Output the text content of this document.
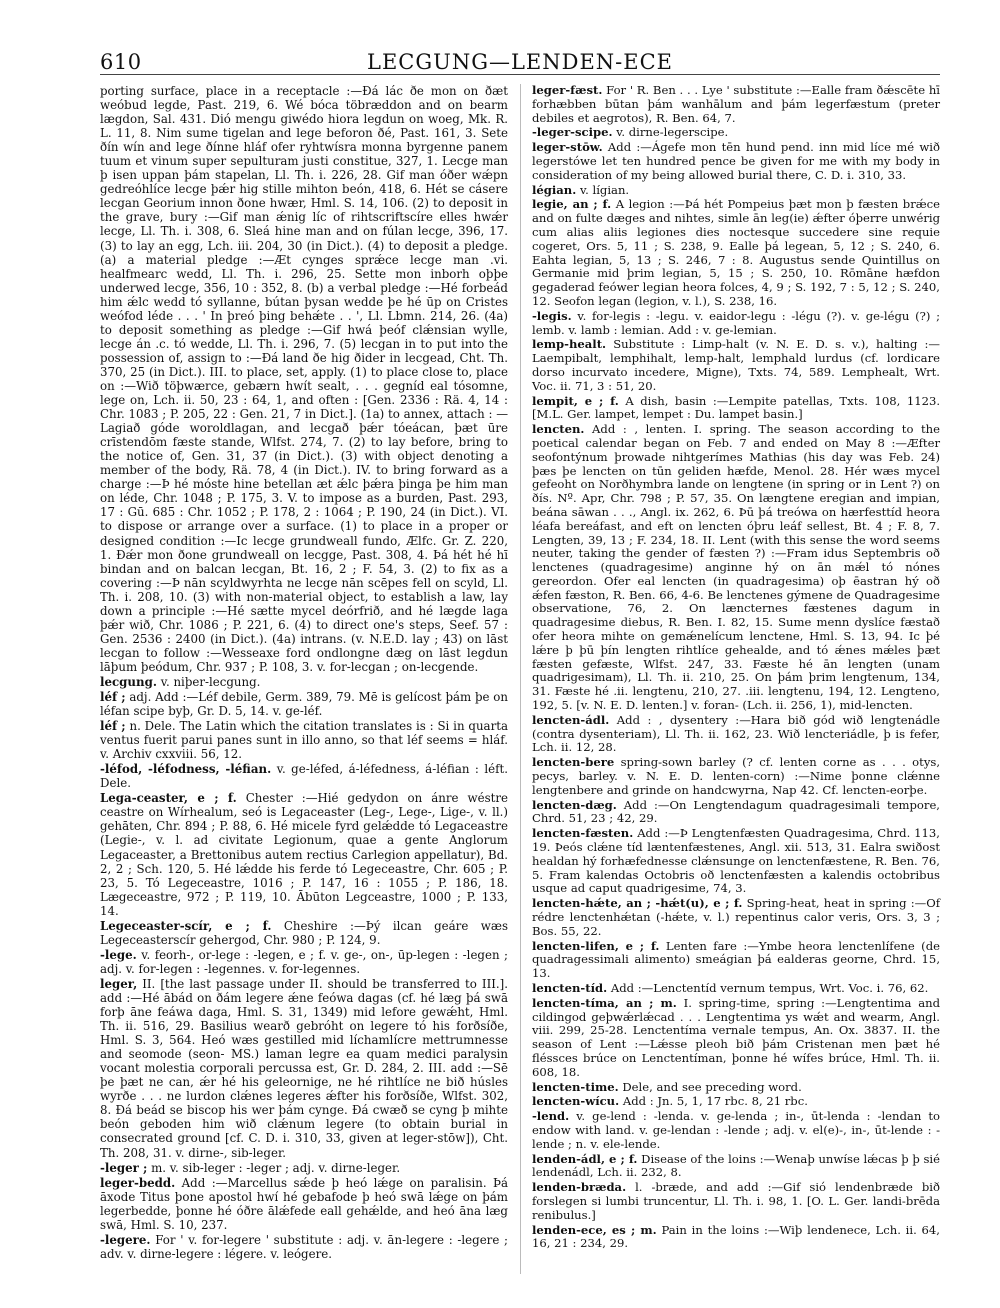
610	LECGUNG—LENDEN-ECE

porting surface, place in a receptacle :—Ðá lác ðe mon on ðæt weóbud legde, Past. 219, 6. Wé bóca töbræddon and on bearm lægdon, Sal. 431. Dió mengu giwédo hiora legdun on woeg, Mk. R. L. 11, 8. Nim sume tigelan and lege beforon ðé, Past. 161, 3. Sete ðín wín and lege ðínne hláf ofer ryhtwísra monna byrgenne panem tuum et vinum super sepulturam justi constitue, 327, 1. Lecge man þ isen uppan þám stapelan, Ll. Th. i. 226, 28. Gif man óðer wǽpn gedreóhlíce lecge þǽr hig stille mihton beón, 418, 6. Hét se cásere lecgan Georium innon ðone hwær, Hml. S. 14, 106. (2) to deposit in the grave, bury :—Gif man ǽnig líc of rihtscriftscíre elles hwǽr lecge, Ll. Th. i. 308, 6. Sleá hine man and on fúlan lecge, 396, 17. (3) to lay an egg, Lch. iii. 204, 30 (in Dict.). (4) to deposit a pledge. (a) a material pledge :—Æt cynges sprǽce lecge man .vi. healfmearc wedd, Ll. Th. i. 296, 25. Sette mon inborh oþþe underwed lecge, 356, 10 : 352, 8. (b) a verbal pledge :—Hé forbeád him ǽlc wedd tó syllanne, bútan þysan wedde þe hé ūp on Cristes weófod léde . . . ' In þreó þing behǽte . . ', Ll. Lbmn. 214, 26. (4a) to deposit something as pledge :—Gif hwá þeóf clǽnsian wylle, lecge án .c. tó wedde, Ll. Th. i. 296, 7. (5) lecgan in to put into the possession of, assign to :—Ðá land ðe hig ðider in lecgead, Cht. Th. 370, 25 (in Dict.). III. to place, set, apply. (1) to place close to, place on :—Wið töþwærce, gebærn hwít sealt, . . . gegníd eal tósomne, lege on, Lch. ii. 50, 23 : 64, 1, and often : [Gen. 2336 : Rä. 4, 14 : Chr. 1083 ; P. 205, 22 : Gen. 21, 7 in Dict.]. (1a) to annex, attach : —Lagiað góde woroldlagan, and lecgað þǽr tóeácan, þæt ūre crīstendōm fæste stande, Wlfst. 274, 7. (2) to lay before, bring to the notice of, Gen. 31, 37 (in Dict.). (3) with object denoting a member of the body, Rä. 78, 4 (in Dict.). IV. to bring forward as a charge :—Þ hé móste hine betellan æt ǽlc þǽra þinga þe him man on léde, Chr. 1048 ; P. 175, 3. V. to impose as a burden, Past. 293, 17 : Gū. 685 : Chr. 1052 ; P. 178, 2 : 1064 ; P. 190, 24 (in Dict.). VI. to dispose or arrange over a surface. (1) to place in a proper or designed condition :—Ic lecge grundweall fundo, Ælfc. Gr. Z. 220, 1. Ðǽr mon ðone grundweall on lecgge, Past. 308, 4. Þá hét hé hī bindan and on balcan lecgan, Bt. 16, 2 ; F. 54, 3. (2) to fix as a covering :—Þ nān scyldwyrhta ne lecge nān scēpes fell on scyld, Ll. Th. i. 208, 10. (3) with non-material object, to establish a law, lay down a principle :—Hé sætte mycel deórfrið, and hé lægde laga þǽr wið, Chr. 1086 ; P. 221, 6. (4) to direct one's steps, Seef. 57 : Gen. 2536 : 2400 (in Dict.). (4a) intrans. (v. N.E.D. lay ; 43) on lāst lecgan to follow :—Wesseaxe ford ondlongne dæg on lāst legdun lāþum þeódum, Chr. 937 ; P. 108, 3. v. for-lecgan ; on-lecgende.

lecgung. v. niþer-lecgung.

léf ; adj. Add :—Léf debile, Germ. 389, 79. Mē is gelícost þám þe on léfan scipe byþ, Gr. D. 5, 14. v. ge-léf.

léf ; n. Dele. The Latin which the citation translates is : Si in quarta ventus fuerit parui panes sunt in illo anno, so that léf seems = hláf. v. Archiv cxxviii. 56, 12.

-léfod, -léfodness, -léfian. v. ge-léfed, á-léfedness, á-léfian : léft. Dele.

Lega-ceaster, e ; f. Chester :—Hié gedydon on ánre wéstre ceastre on Wírhealum, seó is Legaceaster (Leg-, Lege-, Lige-, v. ll.) gehāten, Chr. 894 ; P. 88, 6. Hé micele fyrd gelǽdde tó Legaceastre (Legie-, v. l. ad civitate Legionum, quae a gente Anglorum Legaceaster, a Brettonibus autem rectius Carlegion appellatur), Bd. 2, 2 ; Sch. 120, 5. Hé lǽdde his ferde tó Legeceastre, Chr. 605 ; P. 23, 5. Tó Legeceastre, 1016 ; P. 147, 16 : 1055 ; P. 186, 18. Lægeceastre, 972 ; P. 119, 10. Ābūton Legceastre, 1000 ; P. 133, 14.

Legeceaster-scír, e ; f. Cheshire :—Þý ilcan geáre wæs Legeceasterscír gehergod, Chr. 980 ; P. 124, 9.

-lege. v. feorh-, or-lege : -legen, e ; f. v. ge-, on-, ūp-legen : -legen ; adj. v. for-legen : -legennes. v. for-legennes.

leger, II. [the last passage under II. should be transferred to III.]. add :—Hé ābád on ðám legere ǽne feówa dagas (cf. hé læg þá swā forþ āne feáwa daga, Hml. S. 31, 1349) mid lefore gewǽht, Hml. Th. ii. 516, 29. Basilius wearð gebróht on legere tó his forðsíðe, Hml. S. 3, 564. Heó wæs gestilled mid líchamlícre mettrumnesse and seomode (seon- MS.) laman legre ea quam medici paralysin vocant molestia corporali percussa est, Gr. D. 284, 2. III. add :—Sē þe þæt ne can, ǽr hé his geleornige, ne hé rihtlíce ne bið húsles wyrðe . . . ne lurdon clǽnes legeres ǽfter his forðsíðe, Wlfst. 302, 8. Ðá beád se biscop his wer þám cynge. Ðá cwæð se cyng þ mihte beón geboden him wið clǽnum legere (to obtain burial in consecrated ground [cf. C. D. i. 310, 33, given at leger-stōw]), Cht. Th. 208, 31. v. dirne-, sib-leger.

-leger ; m. v. sib-leger : -leger ; adj. v. dirne-leger.

leger-bedd. Add :—Marcellus sǽde þ heó lǽge on paralisin. Þá āxode Titus þone apostol hwí hé gebafode þ heó swā lǽge on þám legerbedde, þonne hé óðre ālǽfede eall gehǽlde, and heó āna læg swā, Hml. S. 10, 237.

-legere. For ' v. for-legere ' substitute : adj. v. ān-legere : -legere ; adv. v. dirne-legere : légere. v. leógere.

leger-fæst. For ' R. Ben . . . Lye ' substitute :—Ealle fram ðǽscēte hī forhæbben būtan þám wanhālum and þám legerfæstum (preter debiles et aegrotos), R. Ben. 64, 7.

-leger-scipe. v. dirne-legerscipe.

leger-stōw. Add :—Ágefe mon tēn hund pend. inn mid líce mé wið legerstówe let ten hundred pence be given for me with my body in consideration of my being allowed burial there, C. D. i. 310, 33.

légian. v. lígian.

legie, an ; f. A legion :—Þá hét Pompeius þæt mon þ fæsten brǽce and on fulte dæges and nihtes, simle ān leg(ie) ǽfter óþerre unwérig cum alias aliis legiones dies noctesque succedere sine requie cogeret, Ors. 5, 11 ; S. 238, 9. Ealle þá legean, 5, 12 ; S. 240, 6. Eahta legian, 5, 13 ; S. 246, 7 : 8. Augustus sende Quintillus on Germanie mid þrim legian, 5, 15 ; S. 250, 10. Rōmāne hæfdon gegaderad feówer legian heora folces, 4, 9 ; S. 192, 7 : 5, 12 ; S. 240, 12. Seofon legan (legion, v. l.), S. 238, 16.

-legis. v. for-legis : -legu. v. eaidor-legu : -légu (?). v. ge-légu (?) ; lemb. v. lamb : lemian. Add : v. ge-lemian.

lemp-healt. Substitute : Limp-halt (v. N. E. D. s. v.), halting :—Laempibalt, lemphihalt, lemp-halt, lemphald lurdus (cf. lordicare dorso incurvato incedere, Migne), Txts. 74, 589. Lemphealt, Wrt. Voc. ii. 71, 3 : 51, 20.

lempit, e ; f. A dish, basin :—Lempite patellas, Txts. 108, 1123. [M.L. Ger. lampet, lempet : Du. lampet basin.]

lencten. Add : , lenten. I. spring. The season according to the poetical calendar began on Feb. 7 and ended on May 8 :—Æfter seofontýnum þrowade nihtgerímes Mathias (his day was Feb. 24) þæs þe lencten on tūn geliden hæfde, Menol. 28. Hér wæs mycel gefeoht on Norðhymbra lande on lengtene (in spring or in Lent ?) on ðís. Nº. Apr, Chr. 798 ; P. 57, 35. On længtene eregian and impian, beána sāwan . . ., Angl. ix. 262, 6. Þū þá treówa on hærfesttíd heora léafa bereáfast, and eft on lencten óþru leáf sellest, Bt. 4 ; F. 8, 7. Lengten, 39, 13 ; F. 234, 18. II. Lent (with this sense the word seems neuter, taking the gender of fæsten ?) :—Fram idus Septembris oð lenctenes (quadragesime) anginne hý on ān mǽl tó nónes gereordon. Ofer eal lencten (in quadragesima) oþ ēastran hý oð ǽfen fæston, R. Ben. 66, 4-6. Be lenctenes gýmene de Quadragesime observatione, 76, 2. On læncternes fæstenes dagum in quadragesime diebus, R. Ben. I. 82, 15. Sume menn dyslíce fæstað ofer heora mihte on gemǽnelícum lenctene, Hml. S. 13, 94. Ic þé lǽre þ þū þín lengten rihtlíce gehealde, and tó ǽnes mǽles þæt fæsten gefæste, Wlfst. 247, 33. Fæste hé ān lengten (unam quadrigesimam), Ll. Th. ii. 210, 25. On þám þrim lengtenum, 134, 31. Fæste hé .ii. lengtenu, 210, 27. .iii. lengtenu, 194, 12. Lengteno, 192, 5. [v. N. E. D. lenten.] v. foran- (Lch. ii. 256, 1), mid-lencten.

lencten-ádl. Add : , dysentery :—Hara bið gód wið lengtenádle (contra dysenteriam), Ll. Th. ii. 162, 23. Wið lencteriádle, þ is fefer, Lch. ii. 12, 28.

lencten-bere spring-sown barley (? cf. lenten corne as . . . otys, pecys, barley. v. N. E. D. lenten-corn) :—Nime þonne clǽnne lengtenbere and grinde on handcwyrna, Nap 42. Cf. lencten-eorþe.

lencten-dæg. Add :—On Lengtendagum quadragesimali tempore, Chrd. 51, 23 ; 42, 29.

lencten-fæsten. Add :—Þ Lengtenfæsten Quadragesima, Chrd. 113, 19. Þeós clǽne tíd læntenfæstenes, Angl. xii. 513, 31. Ealra swiðost healdan hý forhæfednesse clǽnsunge on lenctenfæstene, R. Ben. 76, 5. Fram kalendas Octobris oð lenctenfæsten a kalendis octobribus usque ad caput quadrigesime, 74, 3.

lencten-hǽte, an ; -hǽt(u), e ; f. Spring-heat, heat in spring :—Of rédre lenctenhǽtan (-hǽte, v. l.) repentinus calor veris, Ors. 3, 3 ; Bos. 55, 22.

lencten-lifen, e ; f. Lenten fare :—Ymbe heora lenctenlífene (de quadragessimali alimento) smeágian þá ealderas georne, Chrd. 15, 13.

lencten-tíd. Add :—Lenctentíd vernum tempus, Wrt. Voc. i. 76, 62.

lencten-tíma, an ; m. I. spring-time, spring :—Lengtentima and cildingod geþwǽrlǽcad . . . Lengtentima ys wǽt and wearm, Angl. viii. 299, 25-28. Lenctentíma vernale tempus, An. Ox. 3837. II. the season of Lent :—Lǽsse pleoh bið þám Cristenan men þæt hé fléssces brúce on Lenctentíman, þonne hé wífes brúce, Hml. Th. ii. 608, 18.

lencten-time. Dele, and see preceding word.

lencten-wícu. Add : Jn. 5, 1, 17 rbc. 8, 21 rbc.

-lend. v. ge-lend : -lenda. v. ge-lenda ; in-, ūt-lenda : -lendan to endow with land. v. ge-lendan : -lende ; adj. v. el(e)-, in-, ūt-lende : -lende ; n. v. ele-lende.

lenden-ádl, e ; f. Disease of the loins :—Wenaþ unwíse lǽcas þ þ sié lendenádl, Lch. ii. 232, 8.

lenden-bræda. l. -bræde, and add :—Gif sió lendenbræde bið forslegen si lumbi truncentur, Ll. Th. i. 98, 1. [O. L. Ger. landi-brēda renibulus.]

lenden-ece, es ; m. Pain in the loins :—Wiþ lendenece, Lch. ii. 64, 16, 21 : 234, 29.
